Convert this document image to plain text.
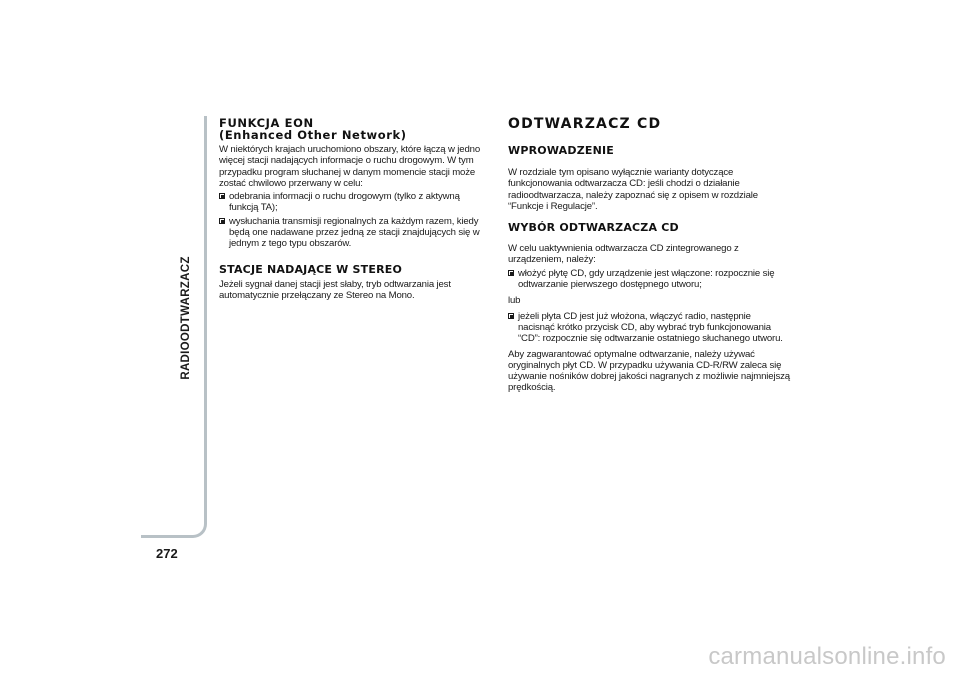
RADIOODTWARZACZ
272
FUNKCJA EON
(Enhanced Other Network)

W niektórych krajach uruchomiono obszary, które łączą w jedno więcej stacji nadających informacje o ruchu drogowym. W tym przypadku program słuchanej w danym momencie stacji może zostać chwilowo przerwany w celu:

odebrania informacji o ruchu drogowym (tylko z aktywną funkcją TA);
wysłuchania transmisji regionalnych za każdym razem, kiedy będą one nadawane przez jedną ze stacji znajdujących się w jednym z tego typu obszarów.
STACJE NADAJĄCE W STEREO

Jeżeli sygnał danej stacji jest słaby, tryb odtwarzania jest automatycznie przełączany ze Stereo na Mono.

ODTWARZACZ CD
WPROWADZENIE

W rozdziale tym opisano wyłącznie warianty dotyczące funkcjonowania odtwarzacza CD: jeśli chodzi o działanie radioodtwarzacza, należy zapoznać się z opisem w rozdziale “Funkcje i Regulacje”.

WYBÓR ODTWARZACZA CD

W celu uaktywnienia odtwarzacza CD zintegrowanego z urządzeniem, należy:

włożyć płytę CD, gdy urządzenie jest włączone: rozpocznie się odtwarzanie pierwszego dostępnego utworu;

lub

jeżeli płyta CD jest już włożona, włączyć radio, następnie nacisnąć krótko przycisk CD, aby wybrać tryb funkcjonowania “CD”: rozpocznie się odtwarzanie ostatniego słuchanego utworu.

Aby zagwarantować optymalne odtwarzanie, należy używać oryginalnych płyt CD. W przypadku używania CD-R/RW zaleca się używanie nośników dobrej jakości nagranych z możliwie najmniejszą prędkością.

carmanualsonline.info
